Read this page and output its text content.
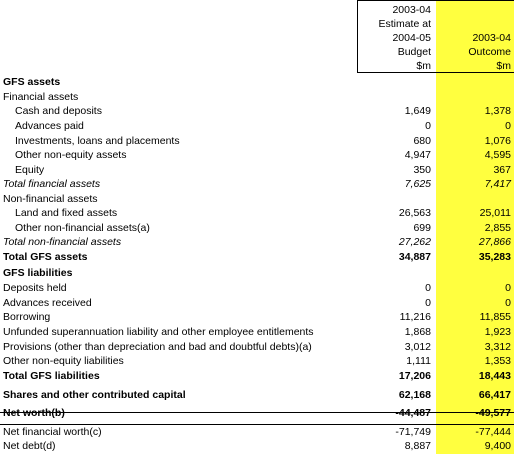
2003-04
Estimate at
2004-05
Budget
$m
2003-04
Outcome
$m
GFS assets
Financial assets
Cash and deposits	1,649	1,378
Advances paid	0	0
Investments, loans and placements	680	1,076
Other non-equity assets	4,947	4,595
Equity	350	367
Total financial assets	7,625	7,417
Non-financial assets
Land and fixed assets	26,563	25,011
Other non-financial assets(a)	699	2,855
Total non-financial assets	27,262	27,866
Total GFS assets	34,887	35,283
GFS liabilities
Deposits held	0	0
Advances received	0	0
Borrowing	11,216	11,855
Unfunded superannuation liability and other employee entitlements	1,868	1,923
Provisions (other than depreciation and bad and doubtful debts)(a)	3,012	3,312
Other non-equity liabilities	1,111	1,353
Total GFS liabilities	17,206	18,443
Shares and other contributed capital	62,168	66,417
Net worth(b)	-44,487	-49,577
Net financial worth(c)	-71,749	-77,444
Net debt(d)	8,887	9,400
